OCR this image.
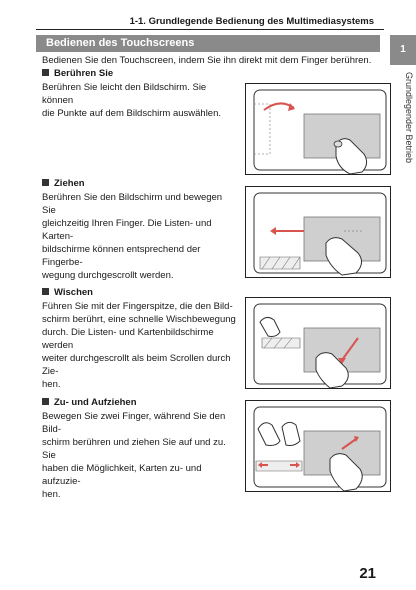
1-1. Grundlegende Bedienung des Multimediasystems
Bedienen des Touchscreens
1
Grundlegender Betrieb
Bedienen Sie den Touchscreen, indem Sie ihn direkt mit dem Finger berühren.
Berühren Sie
Berühren Sie leicht den Bildschirm. Sie können
die Punkte auf dem Bildschirm auswählen.
Ziehen
Berühren Sie den Bildschirm und bewegen Sie
gleichzeitig Ihren Finger. Die Listen- und Karten-
bildschirme können entsprechend der Fingerbe-
wegung durchgescrollt werden.
Wischen
Führen Sie mit der Fingerspitze, die den Bild-
schirm berührt, eine schnelle Wischbewegung
durch. Die Listen- und Kartenbildschirme werden
weiter durchgescrollt als beim Scrollen durch Zie-
hen.
Zu- und Aufziehen
Bewegen Sie zwei Finger, während Sie den Bild-
schirm berühren und ziehen Sie auf und zu. Sie
haben die Möglichkeit, Karten zu- und aufzuzie-
hen.
21
